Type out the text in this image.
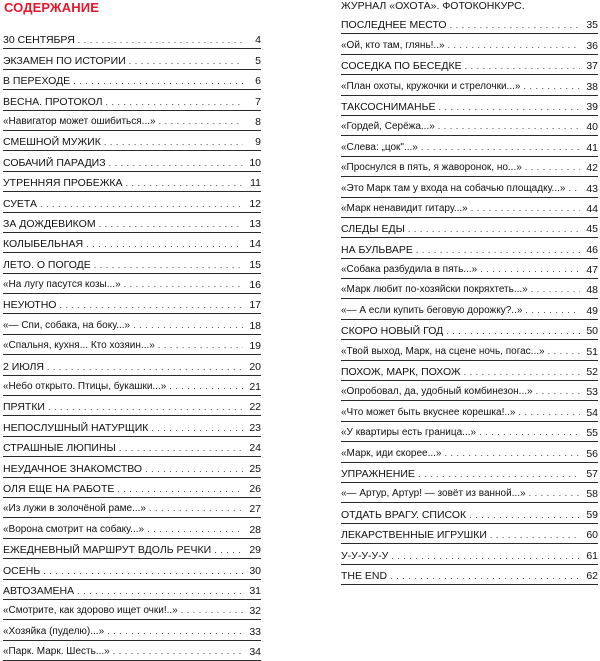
СОДЕРЖАНИЕ
30 СЕНТЯБРЯ . . .	4
ЭКЗАМЕН ПО ИСТОРИИ . . .	5
В ПЕРЕХОДЕ . . .	6
ВЕСНА. ПРОТОКОЛ . . .	7
«Навигатор может ошибиться...» . . .	8
СМЕШНОЙ МУЖИК . . .	9
СОБАЧИЙ ПАРАДИЗ . . .	10
УТРЕННЯЯ ПРОБЕЖКА . . .	11
СУЕТА . . .	12
ЗА ДОЖДЕВИКОМ . . .	13
КОЛЫБЕЛЬНАЯ . . .	14
ЛЕТО. О ПОГОДЕ . . .	15
«На лугу пасутся козы...» . . .	16
НЕУЮТНО . . .	17
«— Спи, собака, на боку...» . . .	18
«Спальня, кухня... Кто хозяин...» . . .	19
2 ИЮЛЯ . . .	20
«Небо открыто. Птицы, букашки...» . . .	21
ПРЯТКИ . . .	22
НЕПОСЛУШНЫЙ НАТУРЩИК . . .	23
СТРАШНЫЕ ЛЮПИНЫ . . .	24
НЕУДАЧНОЕ ЗНАКОМСТВО . . .	25
ОЛЯ ЕЩЕ НА РАБОТЕ . . .	26
«Из лужи в золочёной раме...» . . .	27
«Ворона смотрит на собаку...» . . .	28
ЕЖЕДНЕВНЫЙ МАРШРУТ ВДОЛЬ РЕЧКИ . . .	29
ОСЕНЬ . . .	30
АВТОЗАМЕНА . . .	31
«Смотрите, как здорово ищет очки!..» . . .	32
«Хозяйка (пуделю)...» . . .	33
«Парк. Марк. Шесть...» . . .	34
ЖУРНАЛ «ОХОТА». ФОТОКОНКУРС.
ПОСЛЕДНЕЕ МЕСТО . . .	35
«Ой, кто там, глянь!..» . . .	36
СОСЕДКА ПО БЕСЕДКЕ . . .	37
«План охоты, кружочки и стрелочки...» . . .	38
ТАКСОСНИМАНЬЕ . . .	39
«Гордей, Серёжа...» . . .	40
«Слева: „цок"...» . . .	41
«Проснулся в пять, я жаворонок, но...» . . .	42
«Это Марк там у входа на собачью площадку...» . . .	43
«Марк ненавидит гитару...» . . .	44
СЛЕДЫ ЕДЫ . . .	45
НА БУЛЬВАРЕ . . .	46
«Собака разбудила в пять...» . . .	47
«Марк любит по-хозяйски покряхтеть...» . . .	48
«— А если купить беговую дорожку?..» . . .	49
СКОРО НОВЫЙ ГОД . . .	50
«Твой выход, Марк, на сцене ночь, погас...» . . .	51
ПОХОЖ, МАРК, ПОХОЖ . . .	52
«Опробовал, да, удобный комбинезон...» . . .	53
«Что может быть вкуснее корешка!..» . . .	54
«У квартиры есть граница...» . . .	55
«Марк, иди скорее...» . . .	56
УПРАЖНЕНИЕ . . .	57
«— Артур, Артур! — зовёт из ванной...» . . .	58
ОТДАТЬ ВРАГУ. СПИСОК . . .	59
ЛЕКАРСТВЕННЫЕ ИГРУШКИ . . .	60
У-У-У-У-У . . .	61
THE END . . .	62
